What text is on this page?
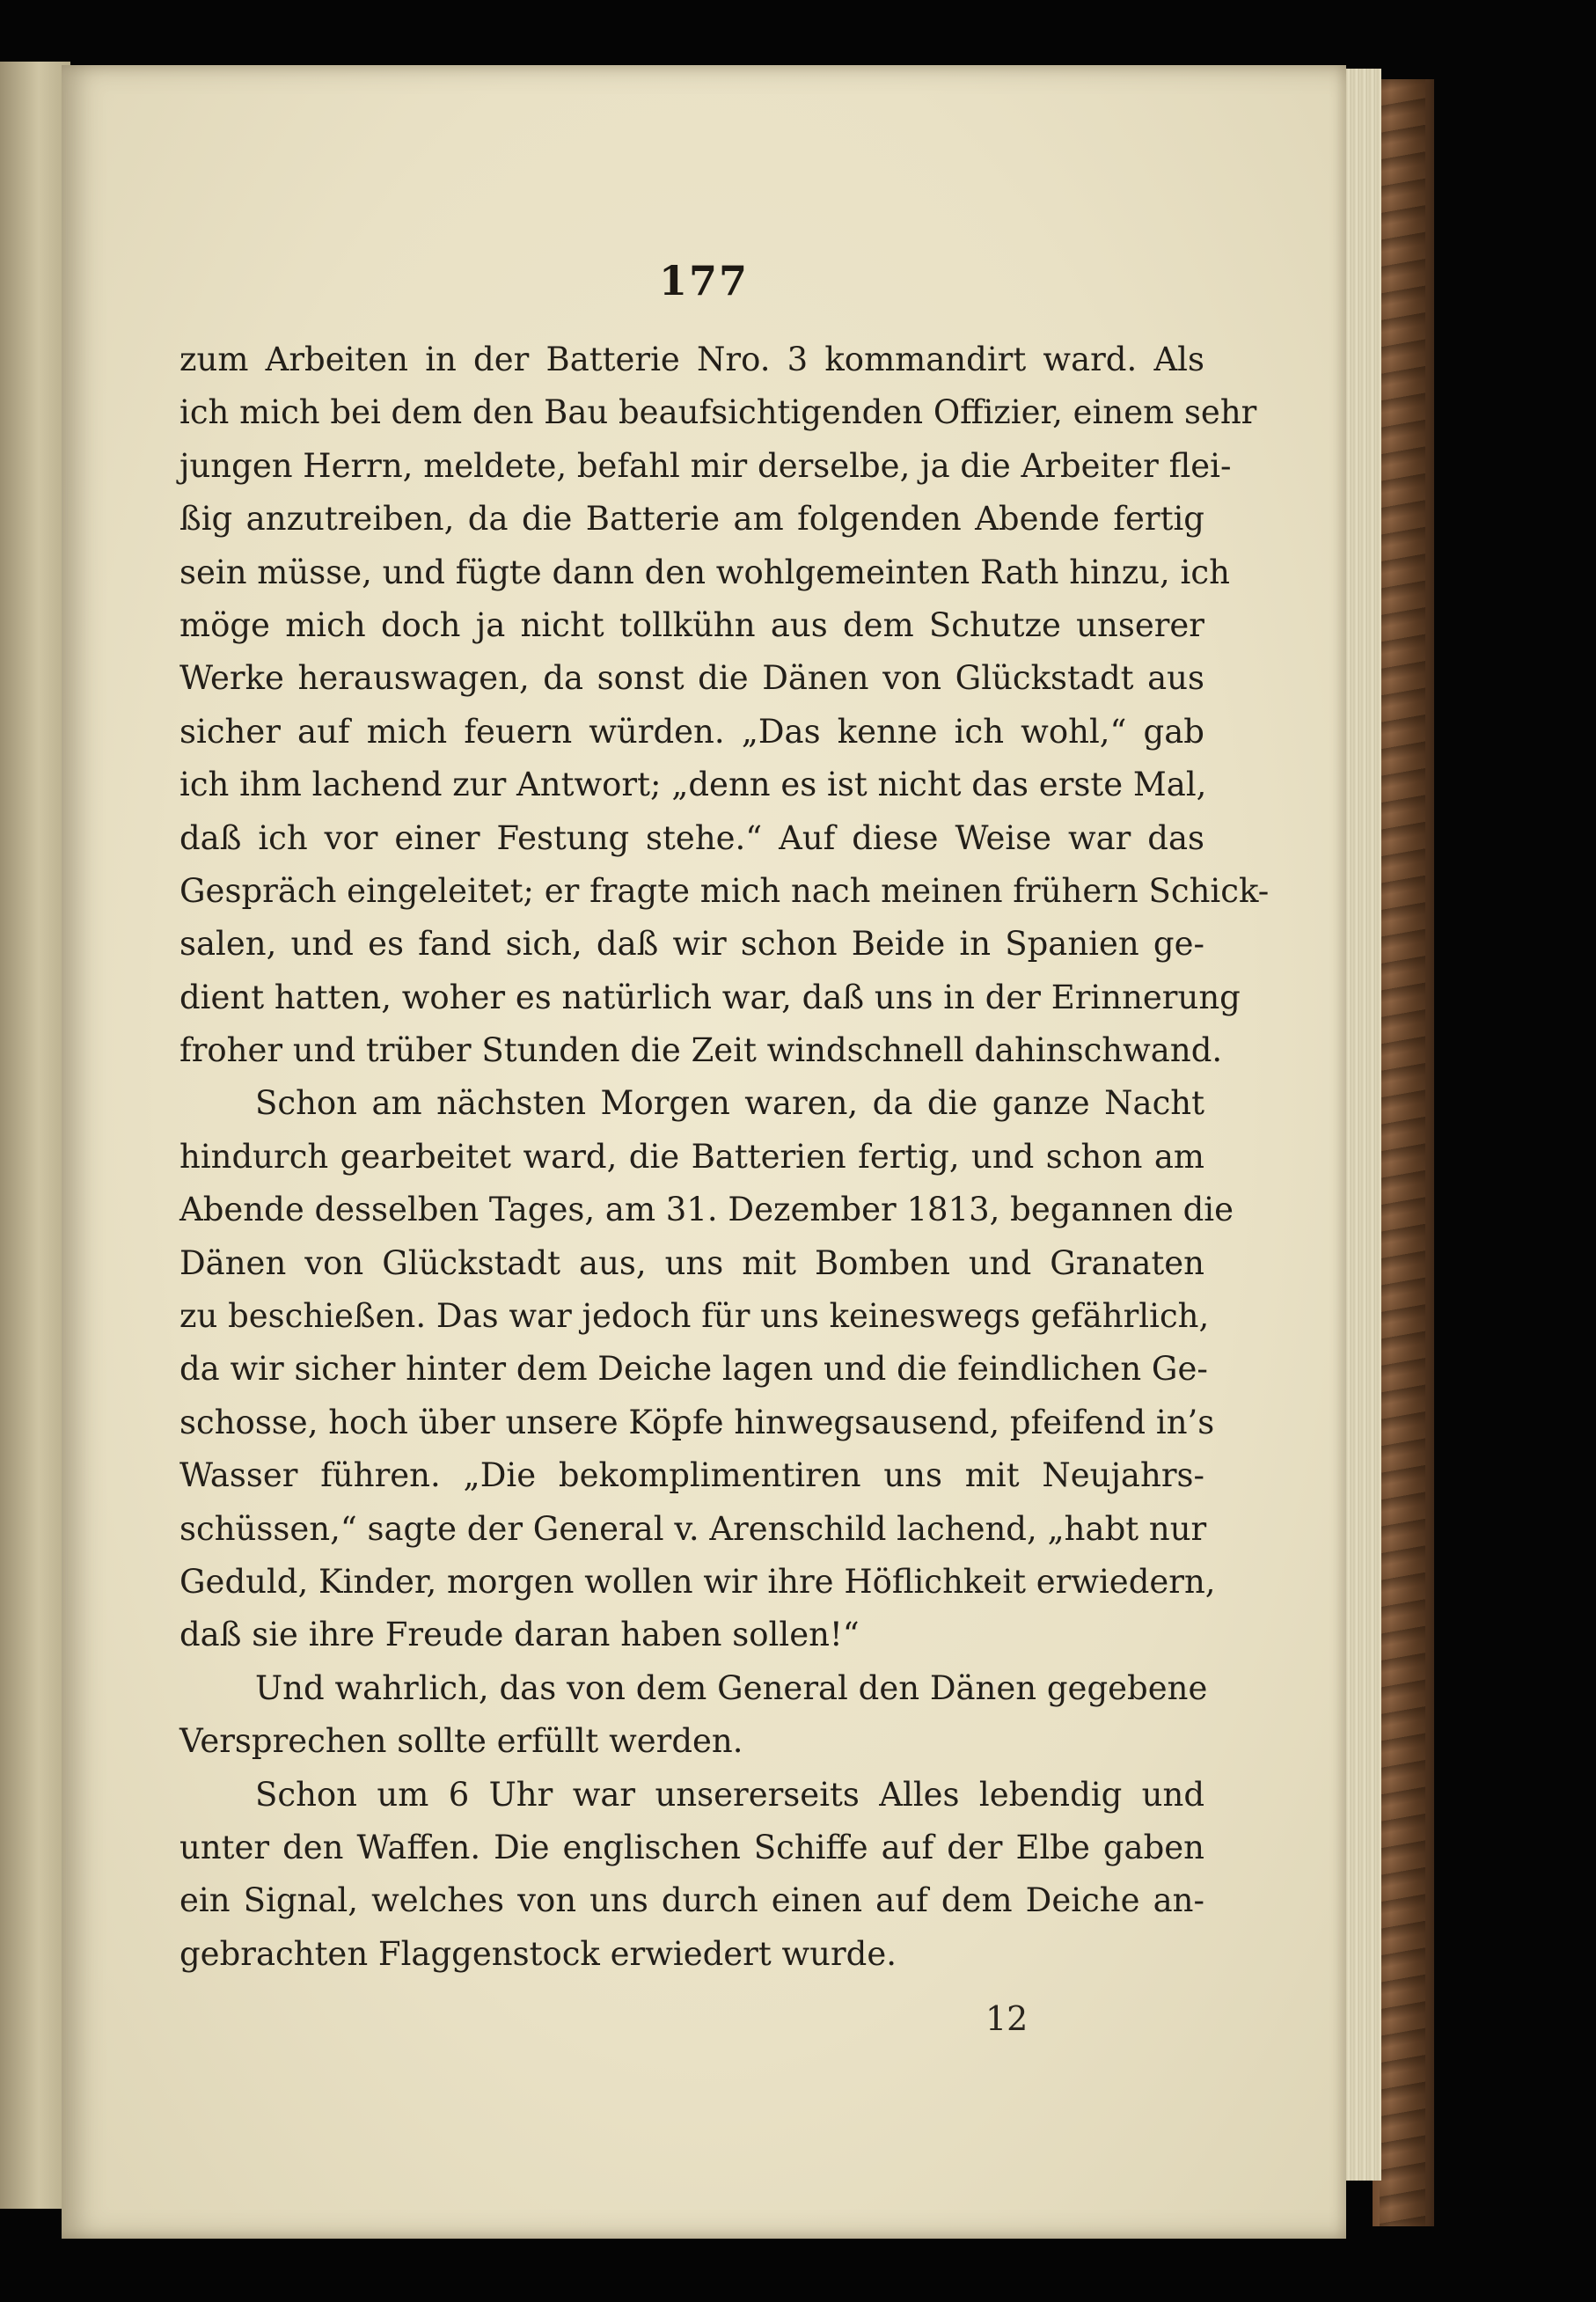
177
zum Arbeiten in der Batterie Nro. 3 kommandirt ward. Als
ich mich bei dem den Bau beaufsichtigenden Offizier, einem sehr
jungen Herrn, meldete, befahl mir derselbe, ja die Arbeiter flei-
ßig anzutreiben, da die Batterie am folgenden Abende fertig
sein müsse, und fügte dann den wohlgemeinten Rath hinzu, ich
möge mich doch ja nicht tollkühn aus dem Schutze unserer
Werke herauswagen, da sonst die Dänen von Glückstadt aus
sicher auf mich feuern würden. „Das kenne ich wohl,“ gab
ich ihm lachend zur Antwort; „denn es ist nicht das erste Mal,
daß ich vor einer Festung stehe.“ Auf diese Weise war das
Gespräch eingeleitet; er fragte mich nach meinen frühern Schick-
salen, und es fand sich, daß wir schon Beide in Spanien ge-
dient hatten, woher es natürlich war, daß uns in der Erinnerung
froher und trüber Stunden die Zeit windschnell dahinschwand.
Schon am nächsten Morgen waren, da die ganze Nacht
hindurch gearbeitet ward, die Batterien fertig, und schon am
Abende desselben Tages, am 31. Dezember 1813, begannen die
Dänen von Glückstadt aus, uns mit Bomben und Granaten
zu beschießen. Das war jedoch für uns keineswegs gefährlich,
da wir sicher hinter dem Deiche lagen und die feindlichen Ge-
schosse, hoch über unsere Köpfe hinwegsausend, pfeifend in’s
Wasser führen. „Die bekomplimentiren uns mit Neujahrs-
schüssen,“ sagte der General v. Arenschild lachend, „habt nur
Geduld, Kinder, morgen wollen wir ihre Höflichkeit erwiedern,
daß sie ihre Freude daran haben sollen!“
Und wahrlich, das von dem General den Dänen gegebene
Versprechen sollte erfüllt werden.
Schon um 6 Uhr war unsererseits Alles lebendig und
unter den Waffen. Die englischen Schiffe auf der Elbe gaben
ein Signal, welches von uns durch einen auf dem Deiche an-
gebrachten Flaggenstock erwiedert wurde.
12
